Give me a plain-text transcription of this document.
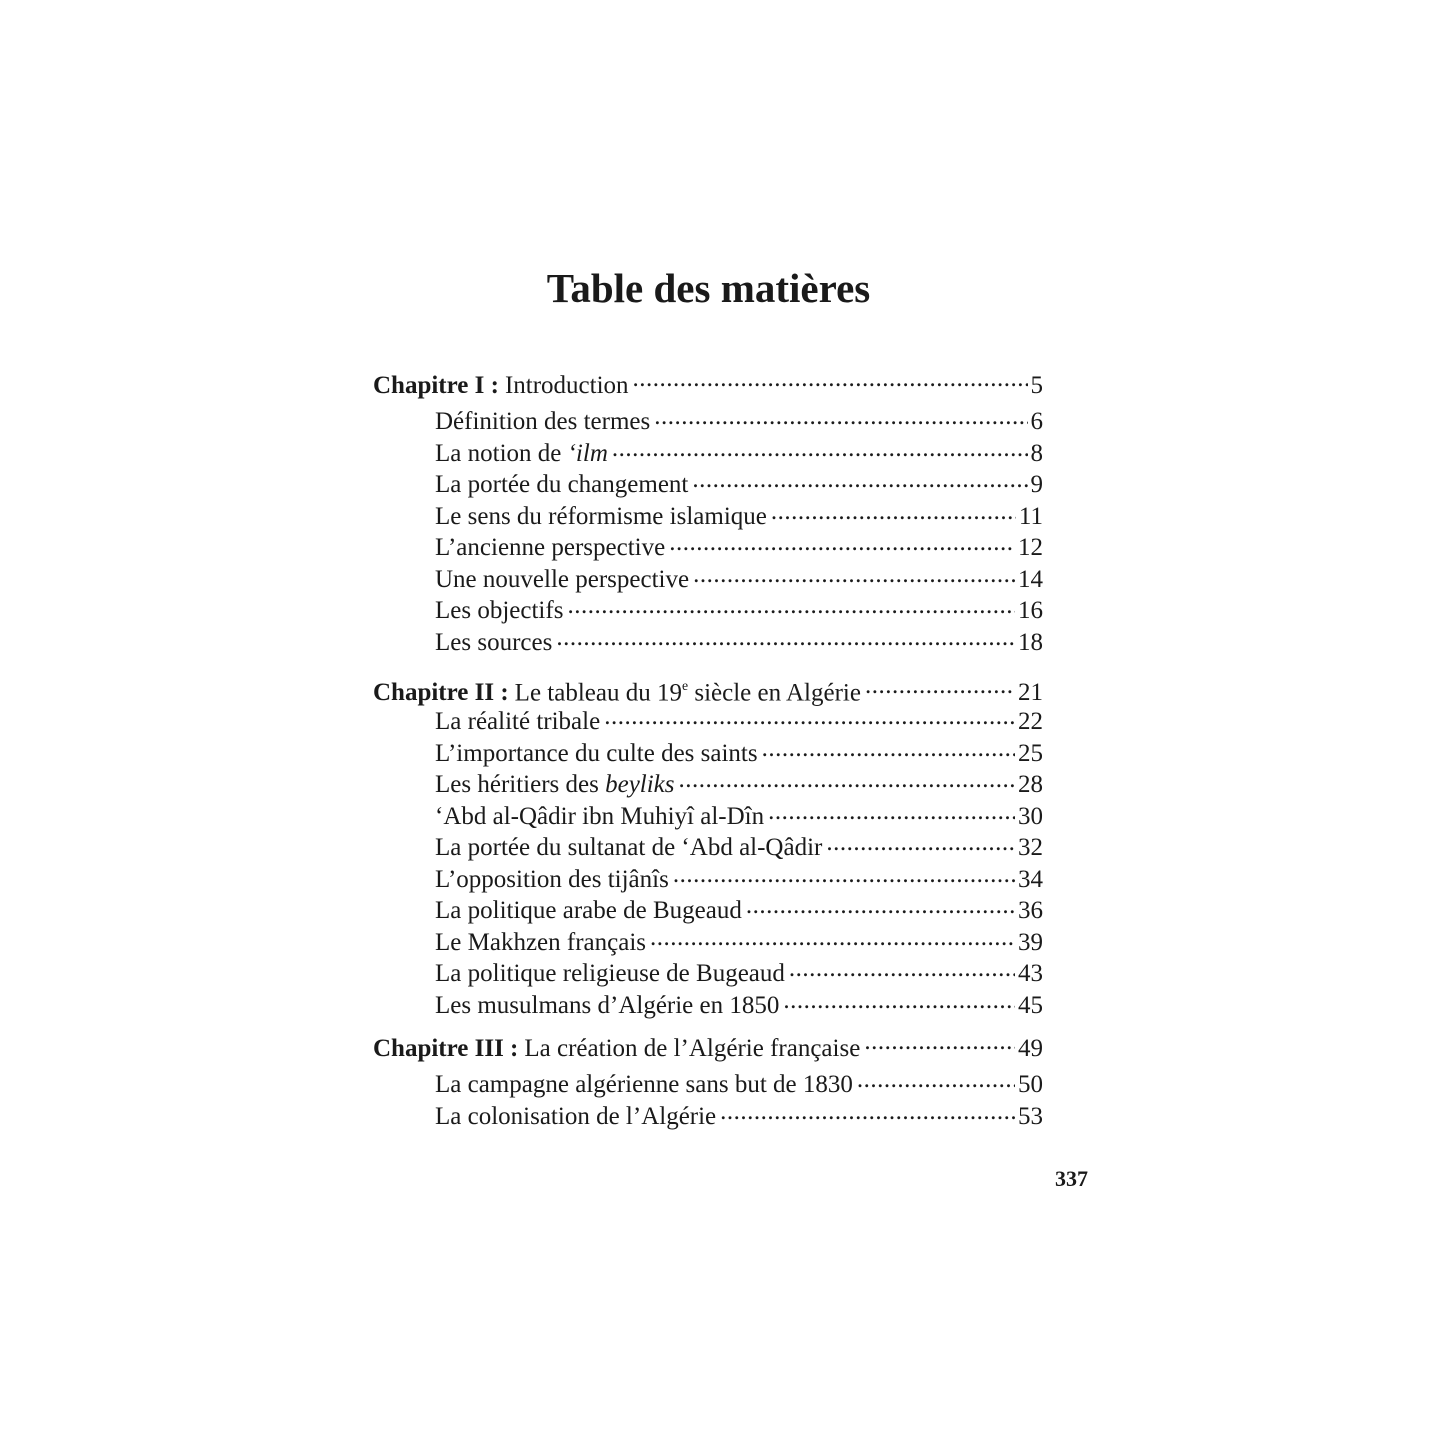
Table des matières
Chapitre I : Introduction .....	5
Définition des termes .....	6
La notion de ‘ilm .....	8
La portée du changement .....	9
Le sens du réformisme islamique .....	11
L’ancienne perspective .....	12
Une nouvelle perspective .....	14
Les objectifs .....	16
Les sources .....	18
Chapitre II : Le tableau du 19e siècle en Algérie .....	21
La réalité tribale .....	22
L’importance du culte des saints .....	25
Les héritiers des beyliks .....	28
‘Abd al-Qâdir ibn Muhiyî al-Dîn .....	30
La portée du sultanat de ‘Abd al-Qâdir .....	32
L’opposition des tijânîs .....	34
La politique arabe de Bugeaud .....	36
Le Makhzen français .....	39
La politique religieuse de Bugeaud .....	43
Les musulmans d’Algérie en 1850 .....	45
Chapitre III : La création de l’Algérie française .....	49
La campagne algérienne sans but de 1830 .....	50
La colonisation de l’Algérie .....	53
337
